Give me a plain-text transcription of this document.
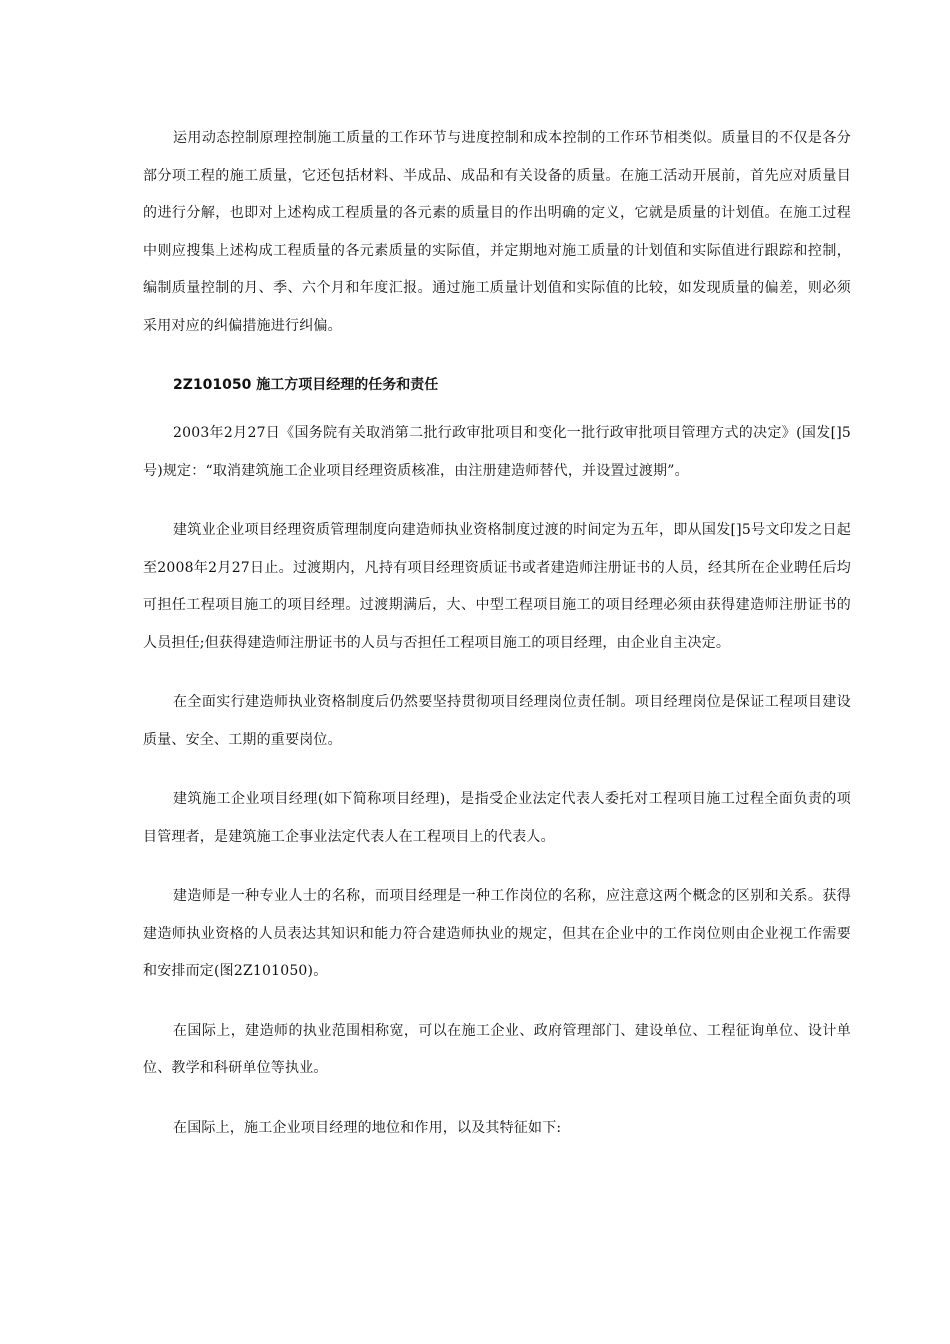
运用动态控制原理控制施工质量的工作环节与进度控制和成本控制的工作环节相类似。质量目的不仅是各分部分项工程的施工质量，它还包括材料、半成品、成品和有关设备的质量。在施工活动开展前，首先应对质量目的进行分解，也即对上述构成工程质量的各元素的质量目的作出明确的定义，它就是质量的计划值。在施工过程中则应搜集上述构成工程质量的各元素质量的实际值，并定期地对施工质量的计划值和实际值进行跟踪和控制，编制质量控制的月、季、六个月和年度汇报。通过施工质量计划值和实际值的比较，如发现质量的偏差，则必须采用对应的纠偏措施进行纠偏。

2Z101050 施工方项目经理的任务和责任

2003年2月27日《国务院有关取消第二批行政审批项目和变化一批行政审批项目管理方式的决定》(国发[]5号)规定：“取消建筑施工企业项目经理资质核准，由注册建造师替代，并设置过渡期”。

建筑业企业项目经理资质管理制度向建造师执业资格制度过渡的时间定为五年，即从国发[]5号文印发之日起至2008年2月27日止。过渡期内，凡持有项目经理资质证书或者建造师注册证书的人员，经其所在企业聘任后均可担任工程项目施工的项目经理。过渡期满后，大、中型工程项目施工的项目经理必须由获得建造师注册证书的人员担任;但获得建造师注册证书的人员与否担任工程项目施工的项目经理，由企业自主决定。

在全面实行建造师执业资格制度后仍然要坚持贯彻项目经理岗位责任制。项目经理岗位是保证工程项目建设质量、安全、工期的重要岗位。

建筑施工企业项目经理(如下简称项目经理)，是指受企业法定代表人委托对工程项目施工过程全面负责的项目管理者，是建筑施工企事业法定代表人在工程项目上的代表人。

建造师是一种专业人士的名称，而项目经理是一种工作岗位的名称，应注意这两个概念的区别和关系。获得建造师执业资格的人员表达其知识和能力符合建造师执业的规定，但其在企业中的工作岗位则由企业视工作需要和安排而定(图2Z101050)。

在国际上，建造师的执业范围相称宽，可以在施工企业、政府管理部门、建设单位、工程征询单位、设计单位、教学和科研单位等执业。

在国际上，施工企业项目经理的地位和作用，以及其特征如下:
